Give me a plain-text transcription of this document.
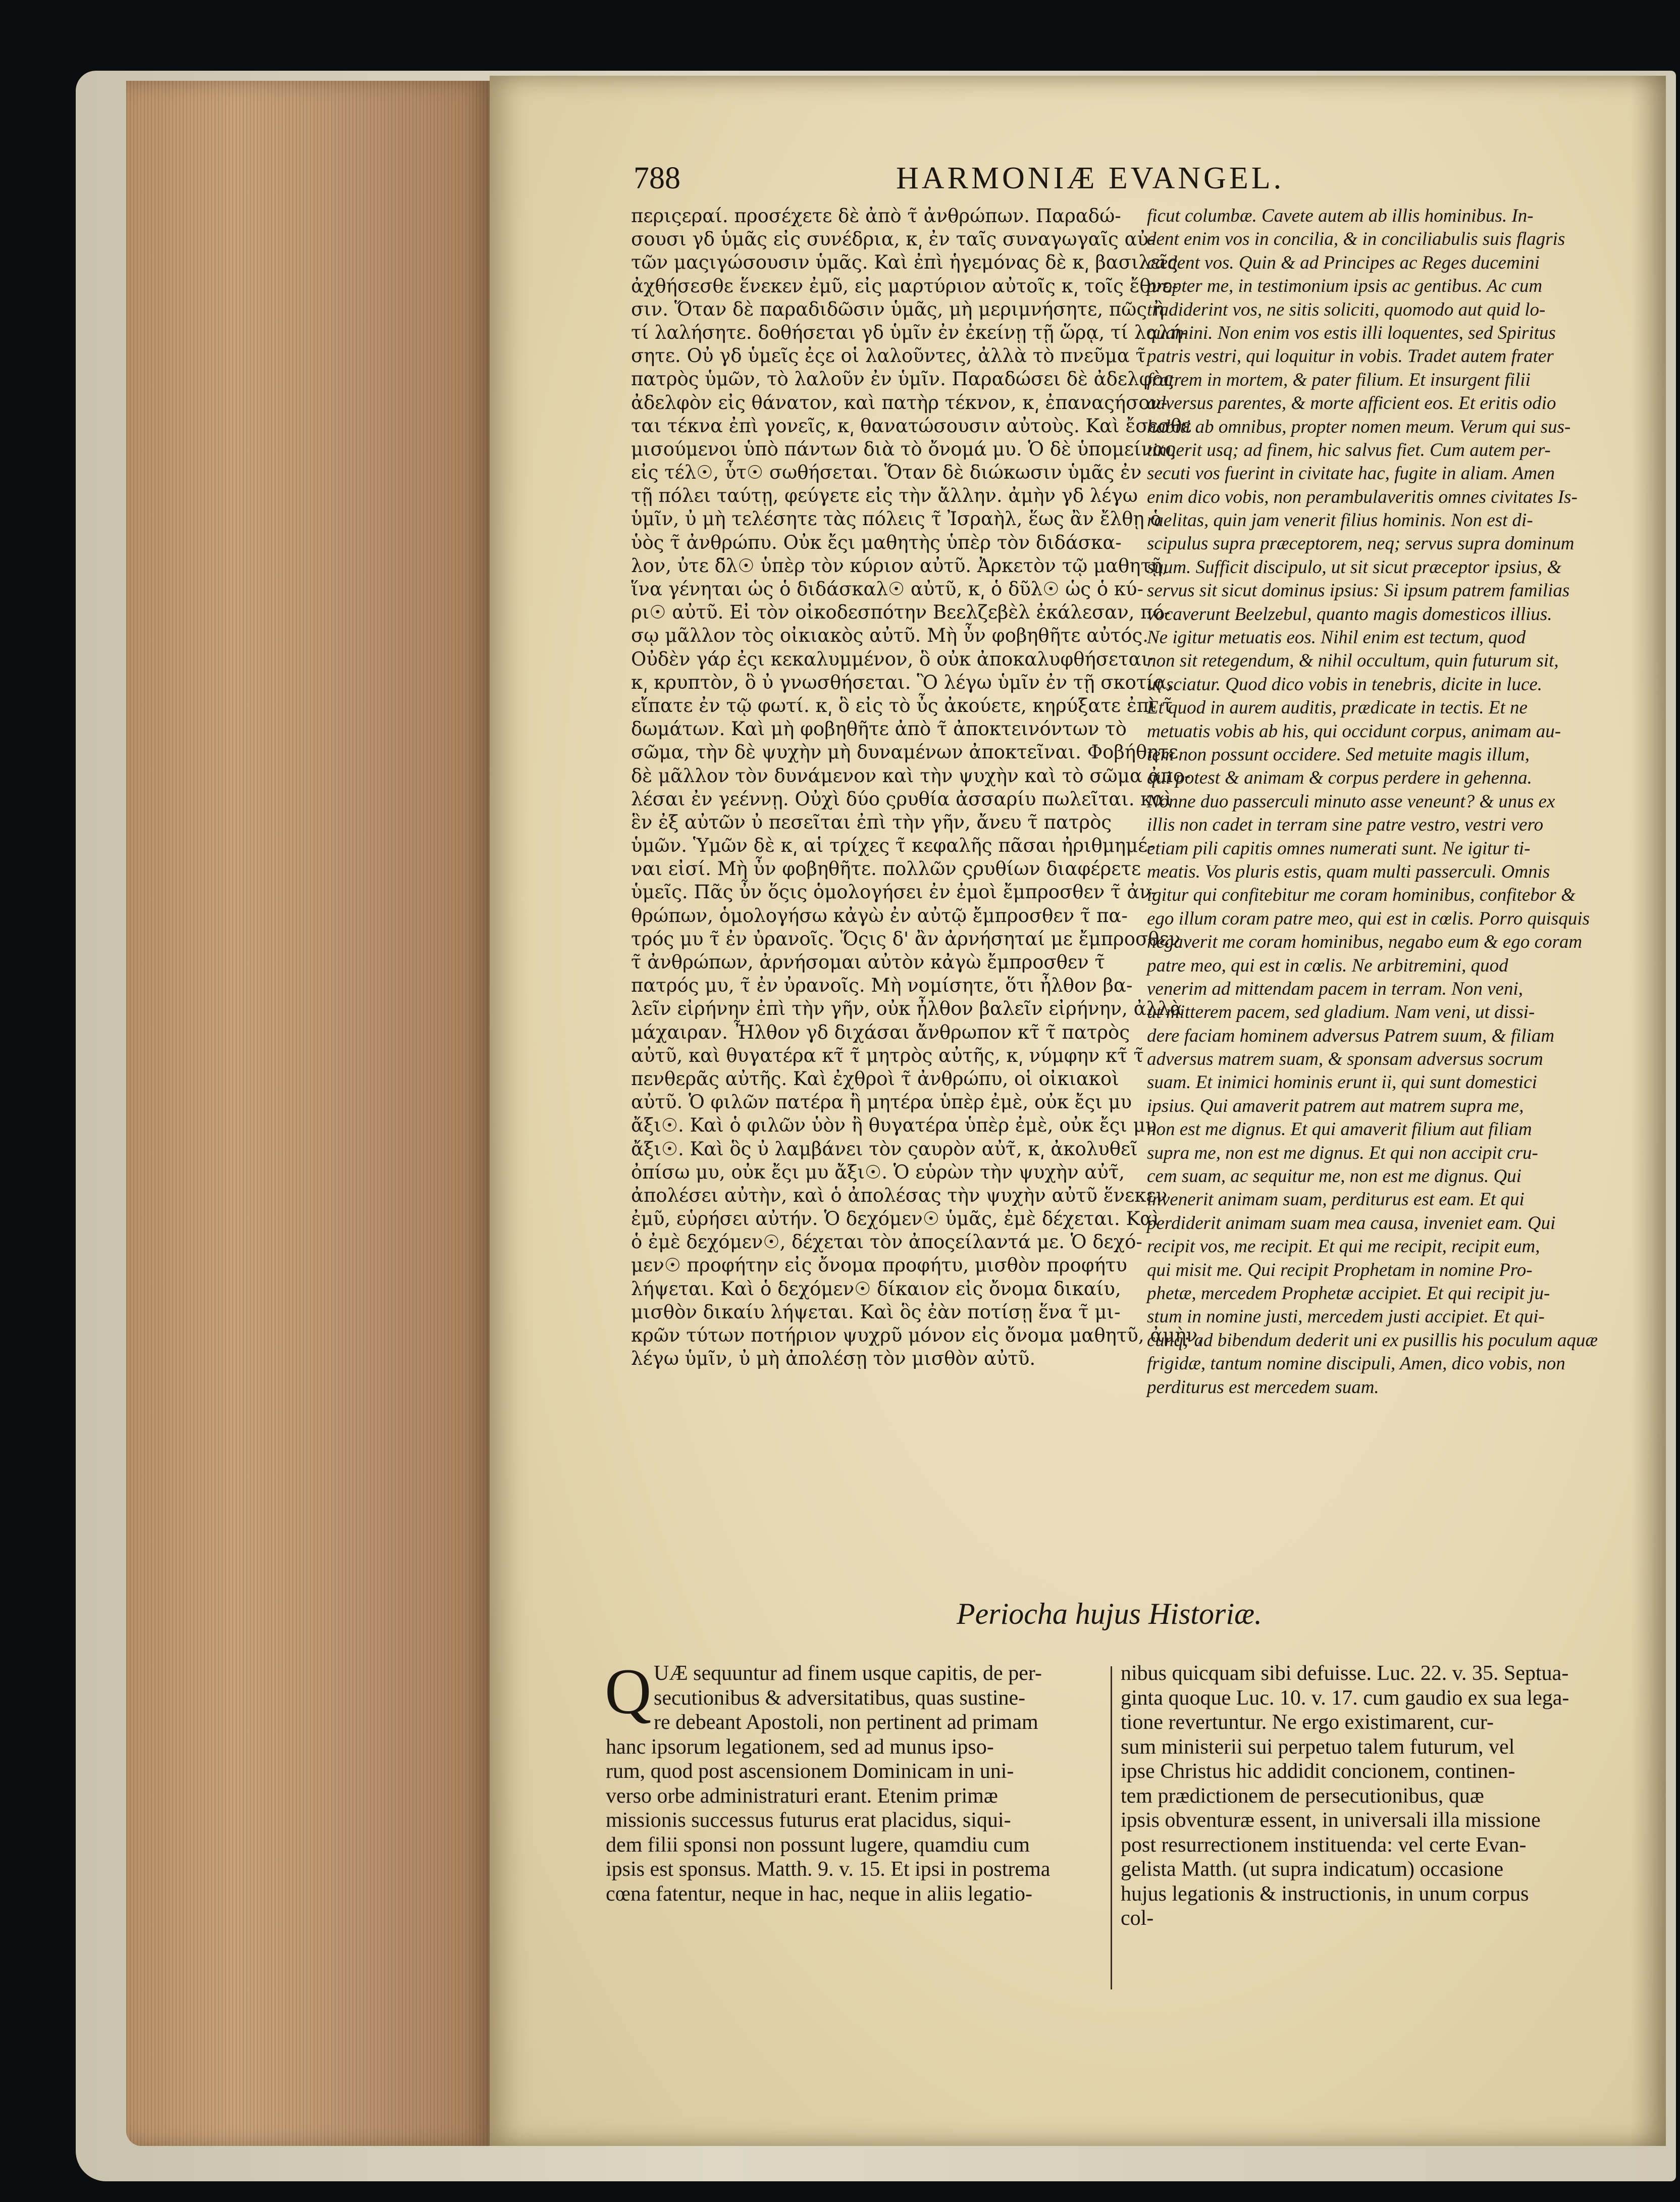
788	HARMONIÆ EVANGEL.
περιςεραί. προσέχετε δὲ ἀπὸ τ̃ ἀνθρώπων. Παραδώ-
σουσι γδ ὑμᾶς εἰς συνέδρια, κ͵ ἐν ταῖς συναγωγαῖς αὐ-
τῶν μαςιγώσουσιν ὑμᾶς. Καὶ ἐπὶ ἡγεμόνας δὲ κ͵ βασιλεῖς
ἀχθήσεσθε ἕνεκεν ἐμῦ, εἰς μαρτύριον αὐτοῖς κ͵ τοῖς ἔθνε-
σιν. Ὅταν δὲ παραδιδῶσιν ὑμᾶς, μὴ μεριμνήσητε, πῶς ἢ
τί λαλήσητε. δοθήσεται γδ ὑμῖν ἐν ἐκείνῃ τῇ ὥρᾳ, τί λαλή-
σητε. Οὐ γδ ὑμεῖς ἐςε οἱ λαλοῦντες, ἀλλὰ τὸ πνεῦμα τ̃
πατρὸς ὑμῶν, τὸ λαλοῦν ἐν ὑμῖν. Παραδώσει δὲ ἀδελφὸς
ἀδελφὸν εἰς θάνατον, καὶ πατὴρ τέκνον, κ͵ ἐπαναςήσον-
ται τέκνα ἐπὶ γονεῖς, κ͵ θανατώσουσιν αὐτοὺς. Καὶ ἔσεσθε
μισούμενοι ὑπὸ πάντων διὰ τὸ ὄνομά μυ. Ὁ δὲ ὑπομείνας
εἰς τέλ☉, ὗτ☉ σωθήσεται. Ὅταν δὲ διώκωσιν ὑμᾶς ἐν
τῇ πόλει ταύτῃ, φεύγετε εἰς τὴν ἄλλην. ἀμὴν γδ λέγω
ὑμῖν, ὐ μὴ τελέσητε τὰς πόλεις τ̃ Ἰσραὴλ, ἕως ἂν ἔλθῃ ὁ
ὑὸς τ̃ ἀνθρώπυ. Οὐκ ἔςι μαθητὴς ὑπὲρ τὸν διδάσκα-
λον, ὐτε δ̃λ☉ ὑπὲρ τὸν κύριον αὐτῦ. Ἀρκετὸν τῷ μαθητῇ,
ἵνα γένηται ὡς ὁ διδάσκαλ☉ αὐτῦ, κ͵ ὁ δῦλ☉ ὡς ὁ κύ-
ρι☉ αὐτῦ. Εἰ τὸν οἰκοδεσπότην Βεελζεβὲλ ἐκάλεσαν, πό-
σῳ μᾶλλον τὸς οἰκιακὸς αὐτῦ. Μὴ ὖν φοβηθῆτε αὐτός.
Οὐδὲν γάρ ἐςι κεκαλυμμένον, ὃ οὐκ ἀποκαλυφθήσεται·
κ͵ κρυπτὸν, ὃ ὐ γνωσθήσεται. Ὃ λέγω ὑμῖν ἐν τῇ σκοτίᾳ,
εἴπατε ἐν τῷ φωτί. κ͵ ὃ εἰς τὸ ὖς ἀκούετε, κηρύξατε ἐπὶ τ̃
δωμάτων. Καὶ μὴ φοβηθῆτε ἀπὸ τ̃ ἀποκτεινόντων τὸ
σῶμα, τὴν δὲ ψυχὴν μὴ δυναμένων ἀποκτεῖναι. Φοβήθητε
δὲ μᾶλλον τὸν δυνάμενον καὶ τὴν ψυχὴν καὶ τὸ σῶμα ἀπο-
λέσαι ἐν γεέννῃ. Οὐχὶ δύο ςρυθία ἀσσαρίυ πωλεῖται. καὶ
ἓν ἐξ αὐτῶν ὐ πεσεῖται ἐπὶ τὴν γῆν, ἄνευ τ̃ πατρὸς
ὑμῶν. Ὑμῶν δὲ κ͵ αἱ τρίχες τ̃ κεφαλῆς πᾶσαι ἠριθμημέ-
ναι εἰσί. Μὴ ὖν φοβηθῆτε. πολλῶν ςρυθίων διαφέρετε
ὑμεῖς. Πᾶς ὖν ὅςις ὁμολογήσει ἐν ἐμοὶ ἔμπροσθεν τ̃ ἀν-
θρώπων, ὁμολογήσω κἀγὼ ἐν αὐτῷ ἔμπροσθεν τ̃ πα-
τρός μυ τ̃ ἐν ὐρανοῖς. Ὅςις δ' ἂν ἀρνήσηταί με ἔμπροσθεν
τ̃ ἀνθρώπων, ἀρνήσομαι αὐτὸν κἀγὼ ἔμπροσθεν τ̃
πατρός μυ, τ̃ ἐν ὐρανοῖς. Μὴ νομίσητε, ὅτι ἦλθον βα-
λεῖν εἰρήνην ἐπὶ τὴν γῆν, οὐκ ἦλθον βαλεῖν εἰρήνην, ἀλλὰ
μάχαιραν. Ἦλθον γδ διχάσαι ἄνθρωπον κτ̃ τ̃ πατρὸς
αὐτῦ, καὶ θυγατέρα κτ̃ τ̃ μητρὸς αὐτῆς, κ͵ νύμφην κτ̃ τ̃
πενθερᾶς αὐτῆς. Καὶ ἐχθροὶ τ̃ ἀνθρώπυ, οἱ οἰκιακοὶ
αὐτῦ. Ὁ φιλῶν πατέρα ἢ μητέρα ὑπὲρ ἐμὲ, οὐκ ἔςι μυ
ἄξι☉. Καὶ ὁ φιλῶν ὑὸν ἢ θυγατέρα ὑπὲρ ἐμὲ, οὐκ ἔςι μυ
ἄξι☉. Καὶ ὃς ὐ λαμβάνει τὸν ςαυρὸν αὐτ̃, κ͵ ἀκολυθεῖ
ὀπίσω μυ, οὐκ ἔςι μυ ἄξι☉. Ὁ εὑρὼν τὴν ψυχὴν αὐτ̃,
ἀπολέσει αὐτὴν, καὶ ὁ ἀπολέσας τὴν ψυχὴν αὐτῦ ἕνεκεν
ἐμῦ, εὑρήσει αὐτήν. Ὁ δεχόμεν☉ ὑμᾶς, ἐμὲ δέχεται. Καὶ
ὁ ἐμὲ δεχόμεν☉, δέχεται τὸν ἀποςείλαντά με. Ὁ δεχό-
μεν☉ προφήτην εἰς ὄνομα προφήτυ, μισθὸν προφήτυ
λήψεται. Καὶ ὁ δεχόμεν☉ δίκαιον εἰς ὄνομα δικαίυ,
μισθὸν δικαίυ λήψεται. Καὶ ὃς ἐὰν ποτίσῃ ἕνα τ̃ μι-
κρῶν τύτων ποτήριον ψυχρῦ μόνον εἰς ὄνομα μαθητῦ, ἀμὴν,
λέγω ὑμῖν, ὐ μὴ ἀπολέσῃ τὸν μισθὸν αὐτῦ.
ficut columbæ. Cavete autem ab illis hominibus. In-
dent enim vos in concilia, & in conciliabulis suis flagris
cædent vos. Quin & ad Principes ac Reges ducemini
propter me, in testimonium ipsis ac gentibus. Ac cum
tradiderint vos, ne sitis soliciti, quomodo aut quid lo-
quamini. Non enim vos estis illi loquentes, sed Spiritus
patris vestri, qui loquitur in vobis. Tradet autem frater
fratrem in mortem, & pater filium. Et insurgent filii
adversus parentes, & morte afficient eos. Et eritis odio
habiti ab omnibus, propter nomen meum. Verum qui sus-
tinuerit usq; ad finem, hic salvus fiet. Cum autem per-
secuti vos fuerint in civitate hac, fugite in aliam. Amen
enim dico vobis, non perambulaveritis omnes civitates Is-
raelitas, quin jam venerit filius hominis. Non est di-
scipulus supra præceptorem, neq; servus supra dominum
suum. Sufficit discipulo, ut sit sicut præceptor ipsius, &
servus sit sicut dominus ipsius: Si ipsum patrem familias
vocaverunt Beelzebul, quanto magis domesticos illius.
Ne igitur metuatis eos. Nihil enim est tectum, quod
non sit retegendum, & nihil occultum, quin futurum sit,
ut sciatur. Quod dico vobis in tenebris, dicite in luce.
Et quod in aurem auditis, prædicate in tectis. Et ne
metuatis vobis ab his, qui occidunt corpus, animam au-
tem non possunt occidere. Sed metuite magis illum,
qui potest & animam & corpus perdere in gehenna.
Nonne duo passerculi minuto asse veneunt? & unus ex
illis non cadet in terram sine patre vestro, vestri vero
etiam pili capitis omnes numerati sunt. Ne igitur ti-
meatis. Vos pluris estis, quam multi passerculi. Omnis
igitur qui confitebitur me coram hominibus, confitebor &
ego illum coram patre meo, qui est in cœlis. Porro quisquis
negaverit me coram hominibus, negabo eum & ego coram
patre meo, qui est in cœlis. Ne arbitremini, quod
venerim ad mittendam pacem in terram. Non veni,
ut mitterem pacem, sed gladium. Nam veni, ut dissi-
dere faciam hominem adversus Patrem suum, & filiam
adversus matrem suam, & sponsam adversus socrum
suam. Et inimici hominis erunt ii, qui sunt domestici
ipsius. Qui amaverit patrem aut matrem supra me,
non est me dignus. Et qui amaverit filium aut filiam
supra me, non est me dignus. Et qui non accipit cru-
cem suam, ac sequitur me, non est me dignus. Qui
invenerit animam suam, perditurus est eam. Et qui
perdiderit animam suam mea causa, inveniet eam. Qui
recipit vos, me recipit. Et qui me recipit, recipit eum,
qui misit me. Qui recipit Prophetam in nomine Pro-
phetæ, mercedem Prophetæ accipiet. Et qui recipit ju-
stum in nomine justi, mercedem justi accipiet. Et qui-
cunq; ad bibendum dederit uni ex pusillis his poculum aquæ
frigidæ, tantum nomine discipuli, Amen, dico vobis, non
perditurus est mercedem suam.
Periocha hujus Historiæ.
Q UÆ sequuntur ad finem usque capitis, de per-
secutionibus & adversitatibus, quas sustine-
re debeant Apostoli, non pertinent ad primam
hanc ipsorum legationem, sed ad munus ipso-
rum, quod post ascensionem Dominicam in uni-
verso orbe administraturi erant. Etenim primæ
missionis successus futurus erat placidus, siqui-
dem filii sponsi non possunt lugere, quamdiu cum
ipsis est sponsus. Matth. 9. v. 15. Et ipsi in postrema
cœna fatentur, neque in hac, neque in aliis legatio-
nibus quicquam sibi defuisse. Luc. 22. v. 35. Septua-
ginta quoque Luc. 10. v. 17. cum gaudio ex sua lega-
tione revertuntur. Ne ergo existimarent, cur-
sum ministerii sui perpetuo talem futurum, vel
ipse Christus hic addidit concionem, continen-
tem prædictionem de persecutionibus, quæ
ipsis obventuræ essent, in universali illa missione
post resurrectionem instituenda: vel certe Evan-
gelista Matth. (ut supra indicatum) occasione
hujus legationis & instructionis, in unum corpus
col-
